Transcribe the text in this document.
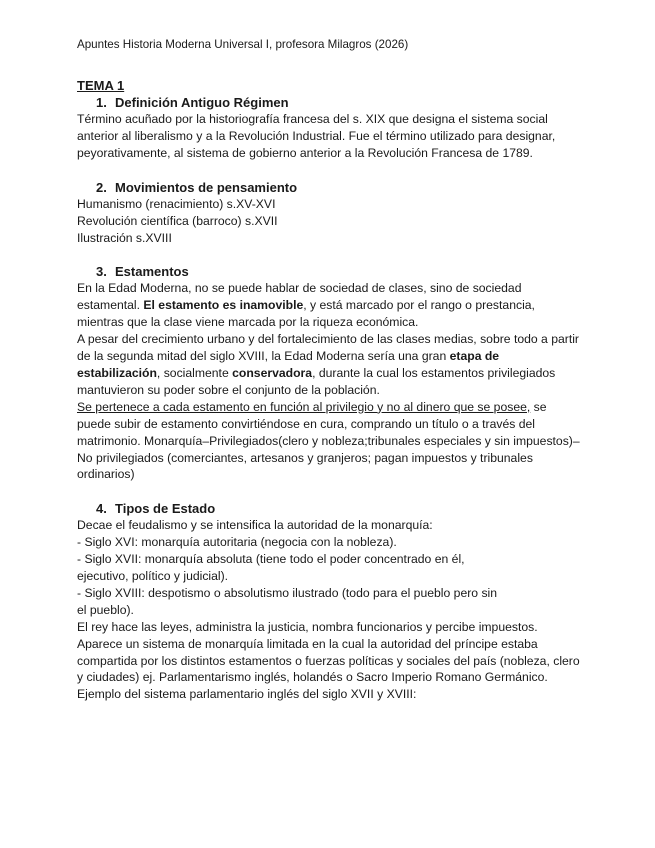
Apuntes Historia Moderna Universal I, profesora Milagros (2026)

TEMA 1

1. Definición Antiguo Régimen

Término acuñado por la historiografía francesa del s. XIX que designa el sistema social anterior al liberalismo y a la Revolución Industrial. Fue el término utilizado para designar, peyorativamente, al sistema de gobierno anterior a la Revolución Francesa de 1789.

2. Movimientos de pensamiento

Humanismo (renacimiento) s.XV-XVI

Revolución científica (barroco) s.XVII

Ilustración s.XVIII

3. Estamentos

En la Edad Moderna, no se puede hablar de sociedad de clases, sino de sociedad estamental. El estamento es inamovible, y está marcado por el rango o prestancia, mientras que la clase viene marcada por la riqueza económica.

A pesar del crecimiento urbano y del fortalecimiento de las clases medias, sobre todo a partir de la segunda mitad del siglo XVIII, la Edad Moderna sería una gran etapa de estabilización, socialmente conservadora, durante la cual los estamentos privilegiados mantuvieron su poder sobre el conjunto de la población.

Se pertenece a cada estamento en función al privilegio y no al dinero que se posee, se puede subir de estamento convirtiéndose en cura, comprando un título o a través del matrimonio. Monarquía–Privilegiados(clero y nobleza;tribunales especiales y sin impuestos)–No privilegiados (comerciantes, artesanos y granjeros; pagan impuestos y tribunales ordinarios)

4. Tipos de Estado

Decae el feudalismo y se intensifica la autoridad de la monarquía:

- Siglo XVI: monarquía autoritaria (negocia con la nobleza).

- Siglo XVII: monarquía absoluta (tiene todo el poder concentrado en él,

ejecutivo, político y judicial).

- Siglo XVIII: despotismo o absolutismo ilustrado (todo para el pueblo pero sin

el pueblo).

El rey hace las leyes, administra la justicia, nombra funcionarios y percibe impuestos.

Aparece un sistema de monarquía limitada en la cual la autoridad del príncipe estaba compartida por los distintos estamentos o fuerzas políticas y sociales del país (nobleza, clero y ciudades) ej. Parlamentarismo inglés, holandés o Sacro Imperio Romano Germánico.

Ejemplo del sistema parlamentario inglés del siglo XVII y XVIII:
